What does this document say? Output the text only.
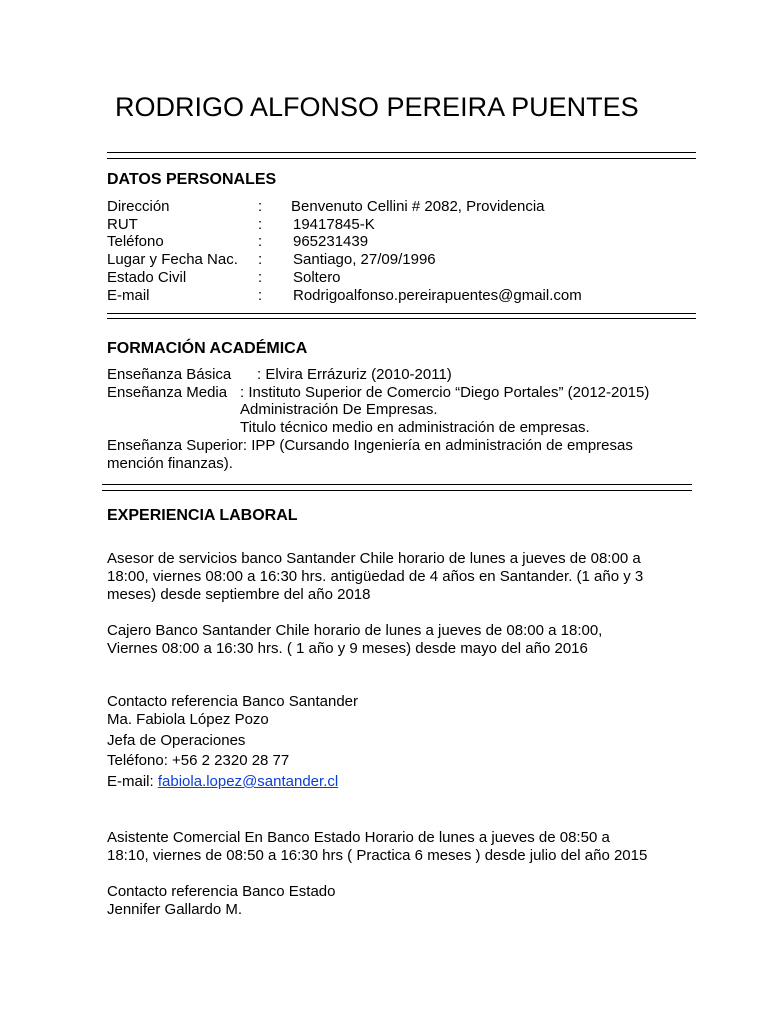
RODRIGO ALFONSO PEREIRA PUENTES
DATOS PERSONALES
Dirección	: Benvenuto Cellini # 2082, Providencia
RUT	: 19417845-K
Teléfono	: 965231439
Lugar y Fecha Nac. : Santiago, 27/09/1996
Estado Civil	: Soltero
E-mail	: Rodrigoalfonso.pereirapuentes@gmail.com
FORMACIÓN ACADÉMICA
Enseñanza Básica : Elvira Errázuriz (2010-2011)
Enseñanza Media : Instituto Superior de Comercio “Diego Portales” (2012-2015)
Administración De Empresas.
Titulo técnico medio en administración de empresas.
Enseñanza Superior: IPP (Cursando Ingeniería en administración de empresas
mención finanzas).
EXPERIENCIA LABORAL
Asesor de servicios banco Santander Chile horario de lunes a jueves de 08:00 a
18:00, viernes 08:00 a 16:30 hrs. antigüedad de 4 años en Santander. (1 año y 3
meses) desde septiembre del año 2018
Cajero Banco Santander Chile horario de lunes a jueves de 08:00 a 18:00,
Viernes 08:00 a 16:30 hrs. ( 1 año y 9 meses) desde mayo del año 2016
Contacto referencia Banco Santander
Ma. Fabiola López Pozo
Jefa de Operaciones
Teléfono: +56 2 2320 28 77
E-mail: fabiola.lopez@santander.cl
Asistente Comercial En Banco Estado Horario de lunes a jueves de 08:50 a
18:10, viernes de 08:50 a 16:30 hrs ( Practica 6 meses ) desde julio del año 2015
Contacto referencia Banco Estado
Jennifer Gallardo M.
